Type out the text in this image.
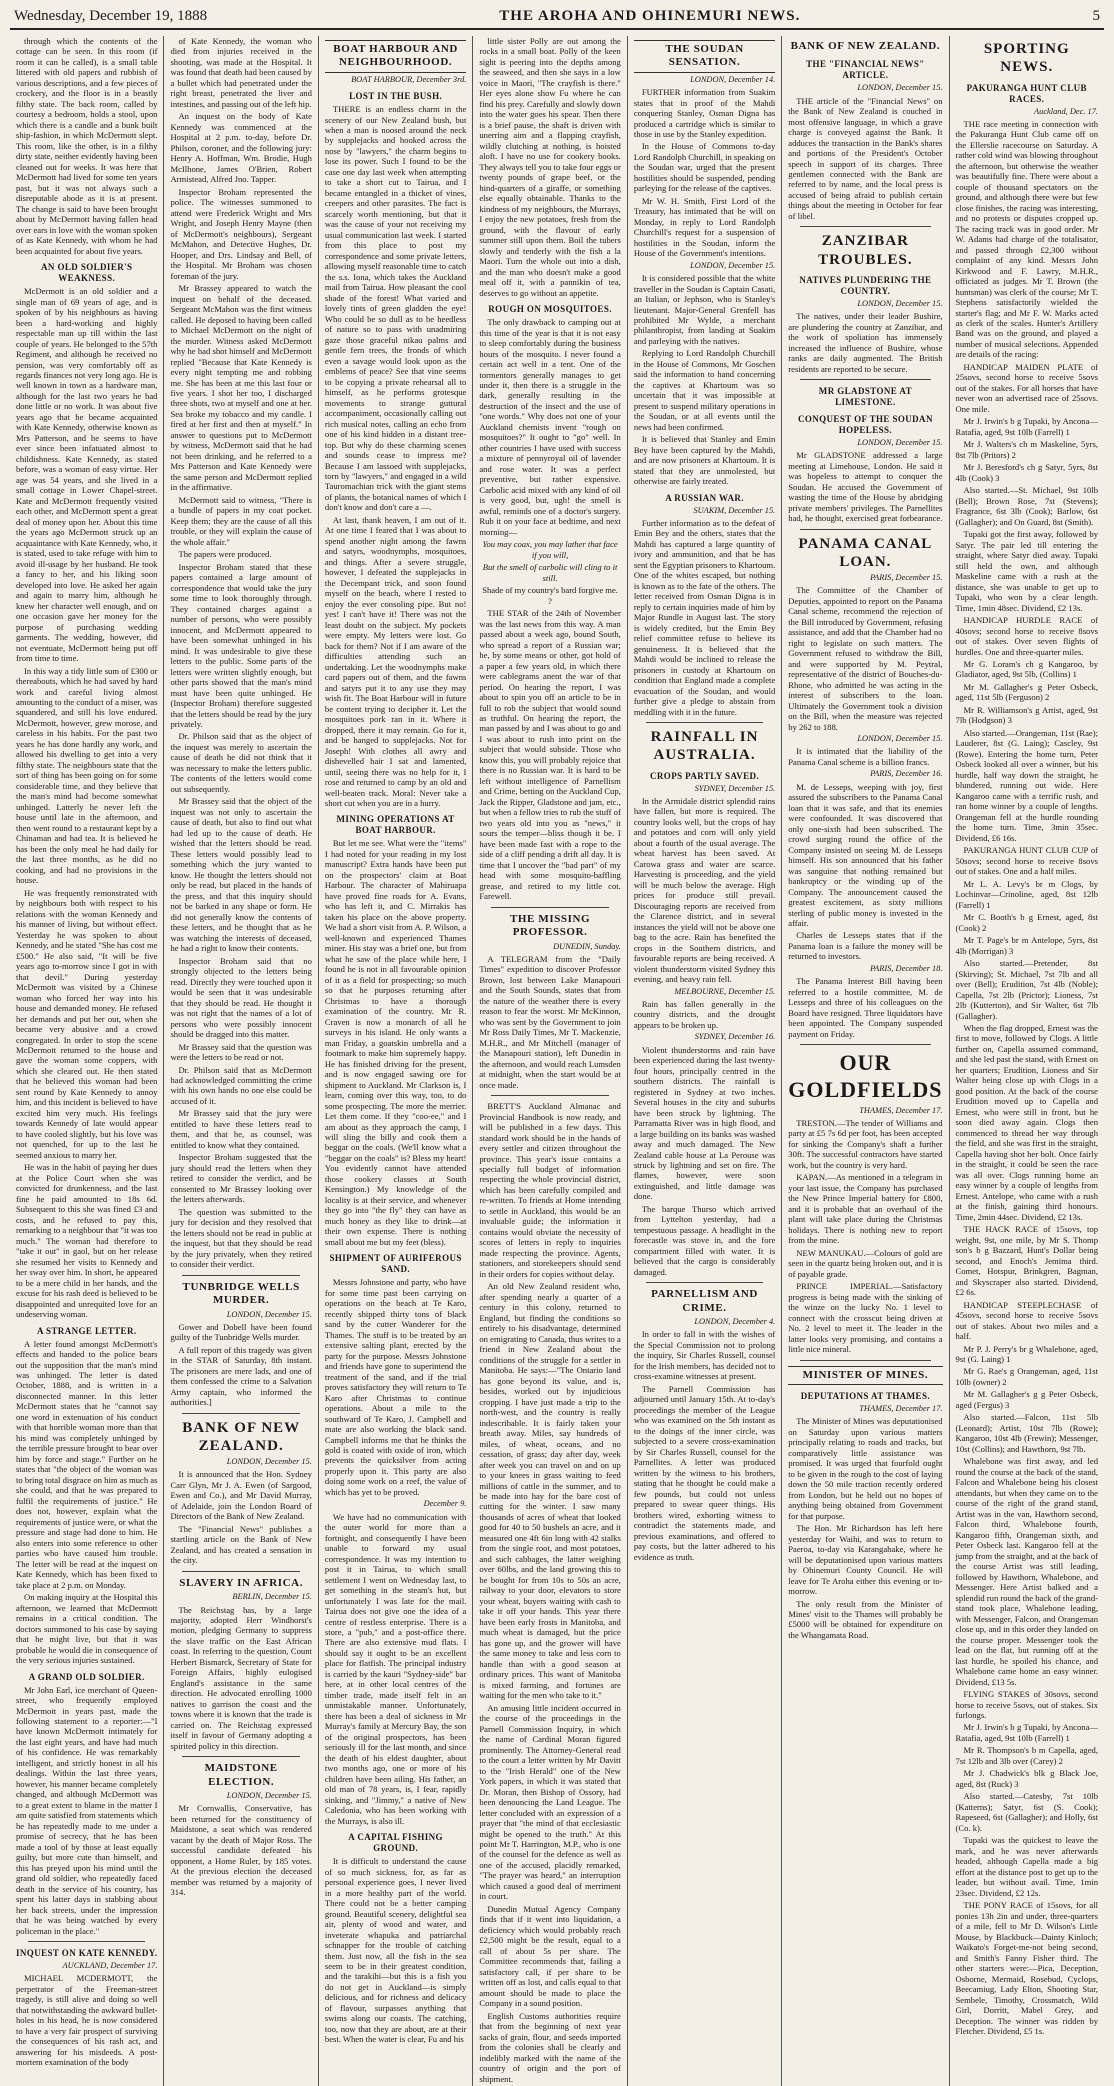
Wednesday, December 19, 1888	THE AROHA AND OHINEMURI NEWS.	5

through which the contents of the cottage can be seen. In this room (if room it can be called), is a small table littered with old papers and rubbish of various descriptions, and a few pieces of crockery, and the floor is in a beastly filthy state. The back room, called by courtesy a bedroom, holds a stool, upon which there is a candle and a bunk built ship-fashion, in which McDermott slept. This room, like the other, is in a filthy dirty state, neither evidently having been cleaned out for weeks. It was here that McDermott had lived for some ten years past, but it was not always such a disreputable abode as it is at present. The change is said to have been brought about by McDermott having fallen head over ears in love with the woman spoken of as Kate Kennedy, with whom he had been acquainted for about five years.

AN OLD SOLDIER'S WEAKNESS.

McDermott is an old soldier and a single man of 69 years of age, and is spoken of by his neighbours as having been a hard-working and highly respectable man up till within the last couple of years. He belonged to the 57th Regiment, and although he received no pension, was very comfortably off as regards finances not very long ago. He is well known in town as a hardware man, although for the last two years he had done little or no work. It was about five years ago that he became acquainted with Kate Kennedy, otherwise known as Mrs Patterson, and he seems to have ever since been infatuated almost to childishness. Kate Kennedy, as stated before, was a woman of easy virtue. Her age was 54 years, and she lived in a small cottage in Lower Chapel-street. Kate and McDermott frequently visited each other, and McDermott spent a great deal of money upon her. About this time the years ago McDermott struck up an acquaintance with Kate Kennedy, who, it is stated, used to take refuge with him to avoid ill-usage by her husband. He took a fancy to her, and his liking soon developed into love. He asked her again and again to marry him, although he knew her character well enough, and on one occasion gave her money for the purpose of purchasing wedding garments. The wedding, however, did not eventuate, McDermott being put off from time to time.

In this way a tidy little sum of £300 or thereabouts, which he had saved by hard work and careful living almost amounting to the conduct of a miser, was squandered, and still his love endured. McDermott, however, grew morose, and careless in his habits. For the past two years he has done hardly any work, and allowed his dwelling to get into a very filthy state. The neighbours state that the sort of thing has been going on for some considerable time, and they believe that the man's mind had become somewhat unhinged. Latterly he never left the house until late in the afternoon, and then went round to a restaurant kept by a Chinaman and had tea. It is believed he has been the only meal he had daily for the last three months, as he did no cooking, and had no provisions in the house.

He was frequently remonstrated with by neighbours both with respect to his relations with the woman Kennedy and his manner of living, but without effect. Yesterday he was spoken to about Kennedy, and he stated "She has cost me £500." He also said, "It will be five years ago to-morrow since I got in with that devil." During yesterday McDermott was visited by a Chinese woman who forced her way into his house and demanded money. He refused her demands and put her out, when she became very abusive and a crowd congregated. In order to stop the scene McDermott returned to the house and gave the woman some coppers, with which she cleared out. He then stated that he believed this woman had been sent round by Kate Kennedy to annoy him, and this incident is believed to have excited him very much. His feelings towards Kennedy of late would appear to have cooled slightly, but his love was not quenched, for up to the last he seemed anxious to marry her.

He was in the habit of paying her dues at the Police Court when she was convicted for drunkenness, and the last fine he paid amounted to 18s 6d. Subsequent to this she was fined £3 and costs, and he refused to pay this, remarking to a neighbour that "it was too much." The woman had therefore to "take it out" in gaol, but on her release she resumed her visits to Kennedy and her sway over him. In short, he appeared to be a mere child in her hands, and the excuse for his rash deed is believed to be disappointed and unrequited love for an undeserving woman.

A STRANGE LETTER.

A letter found amongst McDermott's effects and handed to the police bears out the supposition that the man's mind was unhinged. The letter is dated October, 1888, and is written in a disconnected manner. In this letter McDermott states that he "cannot say one word in extenuation of his conduct with that horrible woman more than that his mind was completely unhinged by the terrible pressure brought to bear over him by force and stage." Further on he states that "the object of the woman was to bring total disgrace on him as much as she could, and that he was prepared to fulfil the requirements of justice." He does not, however, explain what the requirements of justice were, or what the pressure and stage had done to him. He also enters into some reference to other parties who have caused him trouble. The letter will be read at the inquest on Kate Kennedy, which has been fixed to take place at 2 p.m. on Monday.

On making inquiry at the Hospital this afternoon, we learned that McDermott remains in a critical condition. The doctors summoned to his case by saying that he might live, but that it was probable he would die in consequence of the very serious injuries sustained.

A GRAND OLD SOLDIER.

Mr John Earl, ice merchant of Queen-street, who frequently employed McDermott in years past, made the following statement to a reporter:—"I have known McDermott intimately for the last eight years, and have had much of his confidence. He was remarkably intelligent, and strictly honest in all his dealings. Within the last three years, however, his manner became completely changed, and although McDermott was to a great extent to blame in the matter I am quite satisfied from statements which he has repeatedly made to me under a promise of secrecy, that he has been made a tool of by those at least equally guilty, but more cute than himself, and this has preyed upon his mind until the grand old soldier, who repeatedly faced death in the service of his country, has spent his latter days in stabbing about her back streets, under the impression that he was being watched by every policeman in the place."

INQUEST ON KATE KENNEDY.
AUCKLAND, December 17.

MICHAEL MCDERMOTT, the perpetrator of the Freeman-street tragedy, is still alive and doing so well that notwithstanding the awkward bullet-holes in his head, he is now considered to have a very fair prospect of surviving the consequences of his rash act, and answering for his misdeeds. A post-mortem examination of the body

of Kate Kennedy, the woman who died from injuries received in the shooting, was made at the Hospital. It was found that death had been caused by a bullet which had penetrated under the right breast, penetrated the liver and intestines, and passing out of the left hip.

An inquest on the body of Kate Kennedy was commenced at the Hospital at 2 p.m. to-day, before Dr. Philson, coroner, and the following jury: Henry A. Hoffman, Wm. Brodie, Hugh McIlhone, James O'Brien, Robert Armistead, Alfred Jno. Tapper.

Inspector Broham represented the police. The witnesses summoned to attend were Frederick Wright and Mrs Wright, and Joseph Henry Mayne (then of McDermott's neighbours), Sergeant McMahon, and Detective Hughes, Dr. Hooper, and Drs. Lindsay and Bell, of the Hospital. Mr Broham was chosen foreman of the jury.

Mr Brassey appeared to watch the inquest on behalf of the deceased. Sergeant McMahon was the first witness called. He deposed to having been called to Michael McDermott on the night of the murder. Witness asked McDermott why he had shot himself and McDermott replied "Because that Kate Kennedy is every night tempting me and robbing me. She has been at me this last four or five years. I shot her too, I discharged three shots, two at myself and one at her. Sea broke my tobacco and my candle. I fired at her first and then at myself." In answer to questions put to McDermott by witness, McDermott said that he had not been drinking, and he referred to a Mrs Patterson and Kate Kennedy were the same person and McDermott replied in the affirmative.

McDermott said to witness, "There is a bundle of papers in my coat pocket. Keep them; they are the cause of all this trouble, or they will explain the cause of the whole affair."

The papers were produced.

Inspector Broham stated that these papers contained a large amount of correspondence that would take the jury some time to look thoroughly through. They contained charges against a number of persons, who were possibly innocent, and McDermott appeared to have been somewhat unhinged in his mind. It was undesirable to give these letters to the public. Some parts of the letters were written slightly enough, but other parts showed that the man's mind must have been quite unhinged. He (Inspector Broham) therefore suggested that the letters should be read by the jury privately.

Dr. Philson said that as the object of the inquest was merely to ascertain the cause of death he did not think that it was necessary to make the letters public. The contents of the letters would come out subsequently.

Mr Brassey said that the object of the inquest was not only to ascertain the cause of death, but also to find out what had led up to the cause of death. He wished that the letters should be read. These letters would possibly lead to something which the jury wanted to know. He thought the letters should not only be read, but placed in the hands of the press, and that this inquiry should not be barked in any shape or form. He did not generally know the contents of these letters, and he thought that as he was watching the interests of deceased, he had a right to know their contents.

Inspector Broham said that no strongly objected to the letters being read. Directly they were touched upon it would be seen that it was undesirable that they should be read. He thought it was not right that the names of a lot of persons who were possibly innocent should be dragged into this matter.

Mr Brassey said that the question was were the letters to be read or not.

Dr. Philson said that as McDermott had acknowledged committing the crime with his own hands no one else could be accused of it.

Mr Brassey said that the jury were entitled to have these letters read to them, and that he, as counsel, was entitled to know what they contained.

Inspector Broham suggested that the jury should read the letters when they retired to consider the verdict, and he consented to Mr Brassey looking over the letters afterwards.

The question was submitted to the jury for decision and they resolved that the letters should not be read in public at the inquest, but that they should be read by the jury privately, when they retired to consider their verdict.

TUNBRIDGE WELLS MURDER.
LONDON, December 15.

Gower and Dobell have been found guilty of the Tunbridge Wells murder.

A full report of this tragedy was given in the STAR of Saturday, 8th instant. The prisoners are mere lads, and one of them confessed the crime to a Salvation Army captain, who informed the authorities.]

BANK OF NEW ZEALAND.
LONDON, December 15.

It is announced that the Hon. Sydney Carr Glyn, Mr J. A. Ewen (of Sargood, Ewen and Co.), and Mr David Murray, of Adelaide, join the London Board of Directors of the Bank of New Zealand.

The "Financial News" publishes a startling article on the Bank of New Zealand, and has created a sensation in the city.

SLAVERY IN AFRICA.
BERLIN, December 15.

The Reichstag has, by a large majority, adopted Herr Windhorst's motion, pledging Germany to suppress the slave traffic on the East African coast. In referring to the question, Count Herbert Bismarck, Secretary of State for Foreign Affairs, highly eulogised England's assistance in the same direction. He advocated enrolling 1000 natives to garrison the coast and the towns where it is known that the trade is carried on. The Reichstag expressed itself in favour of Germany adopting a spirited policy in this direction.

MAIDSTONE ELECTION.
LONDON, December 15.

Mr Cornwallis, Conservative, has been returned for the constituency of Maidstone, a seat which was rendered vacant by the death of Major Ross. The successful candidate defeated his opponent, a Home Ruler, by 185 votes. At the previous election the deceased member was returned by a majority of 314.

BOAT HARBOUR AND NEIGHBOURHOOD.
BOAT HARBOUR, December 3rd.
LOST IN THE BUSH.

THERE is an endless charm in the scenery of our New Zealand bush, but when a man is noosed around the neck by supplejacks and hooked across the nose by "lawyers," the charm begins to lose its power. Such I found to be the case one day last week when attempting to take a short cut to Tairua, and I became entangled in a thicket of vines, creepers and other parasites. The fact is scarcely worth mentioning, but that it was the cause of your not receiving my usual communication last week. I started from this place to post my correspondence and some private letters, allowing myself reasonable time to catch the s.s. Iona, which takes the Auckland mail from Tairua. How pleasant the cool shade of the forest! What varied and lovely tints of green gladden the eye! Who could be so dull as to be heedless of nature so to pass with unadmiring gaze those graceful nikau palms and gentle fern trees, the fronds of which even a savage would look upon as the emblems of peace? See that vine seems to be copying a private rehearsal all to himself, as he performs grotesque movements to strange guttural accompaniment, occasionally calling out rich musical notes, calling an echo from one of his kind hidden in a distant tree-top. But why do these charming scenes and sounds cease to impress me? Because I am lassoed with supplejacks, torn by "lawyers," and engaged in a wild Tauromachian trick with the giant stems of plants, the botanical names of which I don't know and don't care a —.

At last, thank heaven, I am out of it. At one time I feared that I was about to spend another night among the fawns and satyrs, woodnymphs, mosquitoes, and things. After a severe struggle, however, I defeated the supplejacks in the Decempant trick, and soon found myself on the beach, where I rested to enjoy the ever consoling pipe. But no! yes! I can't have it! There was not the least doubt on the subject. My pockets were empty. My letters were lost. Go back for them? Not if I am aware of the difficulties attending such an undertaking. Let the woodnymphs make card papers out of them, and the fawns and satyrs put it to any use they may wish fit. The Boat Harbour will in future be content trying to decipher it. Let the mosquitoes pork ran in it. Where it dropped, there it may remain. Go for it, and be hanged to supplejacks. Not for Joseph! With clothes all awry and dishevelled hair I sat and lamented, until, seeing there was no help for it, I rose and returned to camp by an old and well-beaten track. Moral: Never take a short cut when you are in a hurry.

MINING OPERATIONS AT BOAT HARBOUR.

But let me see. What were the "items" I had noted for your reading in my lost manuscript? Extra hands have been put on the prospectors' claim at Boat Harbour. The character of Mahiruapa have proved fine roads for A. Evans, who has left it, and C. Mirrakis has taken his place on the above property. We had a short visit from A. P. Wilson, a well-known and experienced Thames miner. His stay was a brief one, but from what he saw of the place while here, I found he is not in all favourable opinion of it as a field for prospecting; so much so that he purposes returning after Christmas to have a thorough examination of the country. Mr R. Craven is now a monarch of all he surveys in his island. He only wants a man Friday, a goatskin umbrella and a footmark to make him supremely happy. He has finished driving for the present, and is now engaged sawing ore for shipment to Auckland. Mr Clarkson is, I learn, coming over this way, too, to do some prospecting. The more the merrier. Let them come. If they "coo-ee," and I am about as they approach the camp, I will sling the billy and cook them a beggar on the coals. (We'll know what a "beggar on the coals" is? Bless my heart! You evidently cannot have attended those cookery classes at South Kensington.) My knowledge of the locality is at their service, and whenever they go into "the fly" they can have as much honey as they like to drink—at their own expense. There is nothing small about me but my feet (bless).

SHIPMENT OF AURIFEROUS SAND.

Messrs Johnstone and party, who have for some time past been carrying on operations on the beach at Te Karo, recently shipped thirty tons of black sand by the cutter Wanderer for the Thames. The stuff is to be treated by an extensive salting plant, erected by the party for the purpose. Messrs Johnstone and friends have gone to superintend the treatment of the sand, and if the trial proves satisfactory they will return to Te Karo after Christmas to continue operations. About a mile to the southward of Te Karo, J. Campbell and mate are also working the black sand. Campbell informs me that he thinks the gold is coated with oxide of iron, which prevents the quicksilver from acting properly upon it. This party are also doing some work on a reef, the value of which has yet to be proved.

December 9.

We have had no communication with the outer world for more than a fortnight, and consequently I have been unable to forward my usual correspondence. It was my intention to post it in Tairua, to which small settlement I went on Wednesday last, to get something in the steam's hut, but unfortunately I was late for the mail. Tairua does not give one the idea of a centre of restless enterprise. There is a store, a "pub," and a post-office there. There are also extensive mud flats. I should say it ought to be an excellent place for flatfish. The principal industry is carried by the kauri "Sydney-side" bar here, at in other local centres of the timber trade, made itself felt in an unmistakable manner. Unfortunately, there has been a deal of sickness in Mr Murray's family at Mercury Bay, the son of the original prospectors, has been seriously ill for the last month, and since the death of his eldest daughter, about two months ago, one or more of his children have been ailing. His father, an old man of 78 years, is, I fear, rapidly sinking, and "Jimmy," a native of New Caledonia, who has been working with the Murrays, is also ill.

A CAPITAL FISHING GROUND.

It is difficult to understand the cause of so much sickness, for, as far as personal experience goes, I never lived in a more healthy part of the world. There could not be a better camping ground. Beautiful scenery, delightful sea air, plenty of wood and water, and inveterate whapuka and patriarchal schnapper for the trouble of catching them. Just now, all the fish in the sea seem to be in their greatest condition, and the tarakihi—but this is a fish you do not get in Auckland—is simply delicious, and for richness and delicacy of flavour, surpasses anything that swims along our coasts. The catching, too, now that they are about, are at their best. When the water is clear, Fu and his

little sister Polly are out among the rocks in a small boat. Polly of the keen sight is peering into the depths among the seaweed, and then she says in a low voice in Maori, "The crayfish is there." Her eyes alone show Fu where he can find his prey. Carefully and slowly down into the water goes his spear. Then there is a brief pause, the shaft is driven with unerring aim and a flapping crayfish, wildly clutching at nothing, is hoisted aloft. I have no use for cookery books. They always tell you to take four eggs or twenty pounds of grape beef, or the hind-quarters of a giraffe, or something else equally obtainable. Thanks to the kindness of my neighbours, the Murrays, I enjoy the new potatoes, fresh from the ground, with the flavour of early summer still upon them. Boil the tubers slowly and tenderly with the fish a la Maori. Turn the whole out into a dish, and the man who doesn't make a good meal off it, with a pannikin of tea, deserves to go without an appetite.

ROUGH ON MOSQUITOES.

The only drawback to camping out at this time of the year is that it is not easy to sleep comfortably during the business hours of the mosquito. I never found a certain act well in a tent. One of the tormentors generally manages to get under it, then there is a struggle in the dark, generally resulting in the destruction of the insect and the use of "one words." Why does not one of your Auckland chemists invent "rough on mosquitoes?" It ought to "go" well. In other countries I have used with success a mixture of pennyroyal oil of lavender and rose water. It was a perfect preventive, but rather expensive. Carbolic acid mixed with any kind of oil is very good, but, ugh! the smell is awful, reminds one of a doctor's surgery. Rub it on your face at bedtime, and next morning—

You may coax, you may lather that face if you will,

But the smell of carbolic will cling to it still.

Shade of my country's bard forgive me. ?

THE STAR of the 24th of November was the last news from this way. A man passed about a week ago, bound South, who spread a report of a Russian war; he, by some means or other, got hold of a paper a few years old, in which there were cablegrams anent the war of that period. On hearing the report, I was about to spin you off an article to be in full to rob the subject that would sound as truthful. On hearing the report, the man passed by and I was about to go and I was about to rush into print on the subject that would subside. Those who know this, you will probably rejoice that there is no Russian war. It is hard to be left without intelligence of Parnellism and Crime, betting on the Auckland Cup, Jack the Ripper, Gladstone and jam, etc., but when a fellow tries to rub the stuff of two years old into you as "news," it sours the temper—bliss though it be. I have been made fast with a rope to the side of a cliff pending a drift all day. It is time that I uncover the "bad part" of my head with some mosquito-baffling grease, and retired to my little cot. Farewell.

THE MISSING PROFESSOR.
DUNEDIN, Sunday.

A TELEGRAM from the "Daily Times" expedition to discover Professor Brown, lost between Lake Manapouri and the South Sounds, states that from the nature of the weather there is every reason to fear the worst. Mr McKinnon, who was sent by the Government to join Mr Ross Daily Times, Mr T. Mackenzie, M.H.R., and Mr Mitchell (manager of the Manapouri station), left Dunedin in the afternoon, and would reach Lumsden at midnight, when the start would be at once made.

BRETT'S Auckland Almanac and Provincial Handbook is now ready, and will be published in a few days. This standard work should be in the hands of every settler and citizen throughout the province. This year's issue contains a specially full budget of information respecting the whole provincial district, which has been carefully compiled and re-written. To friends at Home intending to settle in Auckland, this would be an invaluable guide; the information it contains would obviate the necessity of scores of letters in reply to inquiries made respecting the province. Agents, stationers, and storekeepers should send in their orders for copies without delay.

An old New Zealand resident who, after spending nearly a quarter of a century in this colony, returned to England, but finding the conditions so entirely to his disadvantage, determined on emigrating to Canada, thus writes to a friend in New Zealand about the conditions of the struggle for a settler in Manitoba. He says:—"The Ontario land has gone beyond its value, and is, besides, worked out by injudicious cropping. I have just made a trip to the north-west, and the country is really indescribable. It is fairly taken your breath away. Miles, say hundreds of miles, of wheat, oceans, and no cessation, of grass; day after day, week after week you can travel on and on up to your knees in grass waiting to feed millions of cattle in the summer, and to be made into hay for the bare cost of cutting for the winter. I saw many thousands of acres of wheat that looked good for 40 to 50 bushels an acre, and it measured one 4ft 6in long with 42 stalks from the single root, and most potatoes, and such cabbages, the latter weighing over 60lbs, and the land growing this to be bought for from 10s to 50s an acre, railway to your door, elevators to store your wheat, buyers waiting with cash to take it off your hands. This year there have been early frosts in Manitoba, and much wheat is damaged, but the price has gone up, and the grower will have the same money to take and less corn to handle than with a good season at ordinary prices. This want of Manitoba is mixed farming, and fortunes are waiting for the men who take to it."

An amusing little incident occurred in the course of the proceedings in the Parnell Commission Inquiry, in which the name of Cardinal Moran figured prominently. The Attorney-General read to the court a letter written by Mr Davitt to the "Irish Herald" one of the New York papers, in which it was stated that Dr. Moran, then Bishop of Ossory, had been denouncing the Land League. The letter concluded with an expression of a prayer that "the mind of that ecclesiastic might be opened to the truth." At this point Mr T. Harrington, M.P., who is one of the counsel for the defence as well as one of the accused, placidly remarked, "The prayer was heard," an interruption which caused a good deal of merriment in court.

Dunedin Mutual Agency Company finds that if it went into liquidation, a deficiency which would probably reach £2,500 might be the result, equal to a call of about 5s per share. The Committee recommends that, failing a satisfactory call, if per share to be written off as lost, and calls equal to that amount should be made to place the Company in a sound position.

English Customs authorities require that from the beginning of next year sacks of grain, flour, and seeds imported from the colonies shall be clearly and indelibly marked with the name of the country of origin and the port of shipment.

THE SOUDAN SENSATION.
LONDON, December 14.

FURTHER information from Suakim states that in proof of the Mahdi conquering Stanley, Osman Digna has produced a cartridge which is similar to those in use by the Stanley expedition.

In the House of Commons to-day Lord Randolph Churchill, in speaking on the Soudan war, urged that the present hostilities should be suspended, pending parleying for the release of the captives.

Mr W. H. Smith, First Lord of the Treasury, has intimated that he will on Monday, in reply to Lord Randolph Churchill's request for a suspension of hostilities in the Soudan, inform the House of the Government's intentions.

LONDON, December 15.

It is considered possible that the white traveller in the Soudan is Captain Casati, an Italian, or Jephson, who is Stanley's lieutenant. Major-General Grenfell has prohibited Mr Wylde, a merchant philanthropist, from landing at Suakim and parleying with the natives.

Replying to Lord Randolph Churchill in the House of Commons, Mr Goschen said the information to hand concerning the captives at Khartoum was so uncertain that it was impossible at present to suspend military operations in the Soudan, or at all events until the news had been confirmed.

It is believed that Stanley and Emin Bey have been captured by the Mahdi, and are now prisoners at Khartoum. It is stated that they are unmolested, but otherwise are fairly treated.

A RUSSIAN WAR.
SUAKIM, December 15.

Further information as to the defeat of Emin Bey and the others, states that the Mahdi has captured a large quantity of ivory and ammunition, and that he has sent the Egyptian prisoners to Khartoum. One of the whites escaped, but nothing is known as to the fate of the others. The letter received from Osman Digna is in reply to certain inquiries made of him by Major Rundle in August last. The story is widely credited, but the Emin Bey relief committee refuse to believe its genuineness. It is believed that the Mahdi would be inclined to release the prisoners in custody at Khartoum on condition that England made a complete evacuation of the Soudan, and would further give a pledge to abstain from meddling with it in the future.

RAINFALL IN AUSTRALIA.
CROPS PARTLY SAVED.
SYDNEY, December 15.

In the Armidale district splendid rains have fallen, but more is required. The country looks well, but the crops of hay and potatoes and corn will only yield about a fourth of the usual average. The wheat harvest has been saved. At Carowa grass and water are scarce. Harvesting is proceeding, and the yield will be much below the average. High prices for produce still prevail. Discouraging reports are received from the Clarence district, and in several instances the yield will not be above one bag to the acre. Rain has benefited the crops in the Southern districts, and favourable reports are being received. A violent thunderstorm visited Sydney this evening, and heavy rain fell.

MELBOURNE, December 15.

Rain has fallen generally in the country districts, and the drought appears to be broken up.

SYDNEY, December 16.

Violent thunderstorms and rain have been experienced during the last twenty-four hours, principally centred in the southern districts. The rainfall is registered in Sydney at two inches. Several houses in the city and suburbs have been struck by lightning. The Parramatta River was in high flood, and a large building on its banks was washed away and much damaged. The New Zealand cable house at La Perouse was struck by lightning and set on fire. The flames, however, were soon extinguished, and little damage was done.

The barque Thurso which arrived from Lyttelton yesterday, had a tempestuous passage. A headlight in the forecastle was stove in, and the fore compartment filled with water. It is believed that the cargo is considerably damaged.

PARNELLISM AND CRIME.
LONDON, December 4.

In order to fall in with the wishes of the Special Commission not to prolong the inquiry, Sir Charles Russell, counsel for the Irish members, has decided not to cross-examine witnesses at present.

The Parnell Commission has adjourned until January 15th. At to-day's proceedings the member of the League who was examined on the 5th instant as to the doings of the inner circle, was subjected to a severe cross-examination by Sir Charles Russell, counsel for the Parnellites. A letter was produced written by the witness to his brothers, stating that he thought he could make a few pounds, but could not unless prepared to swear queer things. His brothers wired, exhorting witness to contradict the statements made, and previous examinations, and offered to pay costs, but the latter adhered to his evidence as truth.

BANK OF NEW ZEALAND.
THE "FINANCIAL NEWS" ARTICLE.
LONDON, December 15.

THE article of the "Financial News" on the Bank of New Zealand is couched in most offensive language, in which a grave charge is conveyed against the Bank. It adduces the transaction in the Bank's shares and portions of the President's October speech in support of its charges. Three gentlemen connected with the Bank are referred to by name, and the local press is accused of being afraid to publish certain things about the meeting in October for fear of libel.

ZANZIBAR TROUBLES.
NATIVES PLUNDERING THE COUNTRY.
LONDON, December 15.

The natives, under their leader Bushire, are plundering the country at Zanzibar, and the work of spoliation has immensely increased the influence of Bushire, whose ranks are daily augmented. The British residents are reported to be secure.

MR GLADSTONE AT LIMESTONE.
CONQUEST OF THE SOUDAN HOPELESS.
LONDON, December 15.

Mr GLADSTONE addressed a large meeting at Limehouse, London. He said it was hopeless to attempt to conquer the Soudan. He accused the Government of wasting the time of the House by abridging private members' privileges. The Parnellites had, he thought, exercised great forbearance.

PANAMA CANAL LOAN.
PARIS, December 15.

The Committee of the Chamber of Deputies, appointed to report on the Panama Canal scheme, recommend the rejection of the Bill introduced by Government, refusing assistance, and add that the Chamber had no right to legislate on such matters. The Government refused to withdraw the Bill, and were supported by M. Peytral, representative of the district of Bouches-du-Rhone, who admitted he was acting in the interest of subscribers to the loan. Ultimately the Government took a division on the Bill, when the measure was rejected by 262 to 188.

LONDON, December 15.

It is intimated that the liability of the Panama Canal scheme is a billion francs.

PARIS, December 16.

M. de Lesseps, weeping with joy, first assured the subscribers to the Panama Canal loan that it was safe, and that its enemies were confounded. It was discovered that only one-sixth had been subscribed. The crowd surging round the office of the Company insisted on seeing M. de Lesseps himself. His son announced that his father was sanguine that nothing remained but bankruptcy or the winding up of the Company. The announcement caused the greatest excitement, as sixty millions sterling of public money is invested in the affair.

Charles de Lesseps states that if the Panama loan is a failure the money will be returned to investors.

PARIS, December 18.

The Panama Interest Bill having been referred to a hostile committee, M. de Lesseps and three of his colleagues on the Board have resigned. Three liquidators have been appointed. The Company suspended payment on Friday.

OUR GOLDFIELDS
THAMES, December 17.

TRESTON.—The tender of Williams and party at £5 7s 6d per foot, has been accepted for sinking the Company's shaft a further 30ft. The successful contractors have started work, but the country is very hard.

KAPAN.—As mentioned in a telegram in your last issue, the Company has purchased the New Prince Imperial battery for £800, and it is probable that an overhaul of the plant will take place during the Christmas holidays. There is nothing new to report from the mine.

NEW MANUKAU.—Colours of gold are seen in the quartz being broken out, and it is of payable grade.

PRINCE IMPERIAL.—Satisfactory progress is being made with the sinking of the winze on the lucky No. 1 level to connect with the crosscut being driven at No. 2 level to meet it. The leader in the latter looks very promising, and contains a little nice mineral.

MINISTER OF MINES.
DEPUTATIONS AT THAMES.
THAMES, December 17.

The Minister of Mines was deputationised on Saturday upon various matters principally relating to roads and tracks, but comparatively little assistance was promised. It was urged that fourfold ought to be given in the rough to the cost of laying down the 50 mile traction recently ordered from London, but he held out no hopes of anything being obtained from Government for that purpose.

The Hon. Mr Richardson has left here yesterday for Waihi, and was to return to Paeroa, to-day via Karangahake, where he will be deputationised upon various matters by Ohinemuri County Council. He will leave for Te Aroha either this evening or to-morrow.

The only result from the Minister of Mines' visit to the Thames will probably be £5000 will be obtained for expenditure on the Whangamata Road.

SPORTING NEWS.
PAKURANGA HUNT CLUB RACES.
Auckland, Dec. 17.

THE race meeting in connection with the Pakuranga Hunt Club came off on the Ellerslie racecourse on Saturday. A rather cold wind was blowing throughout the afternoon, but otherwise the weather was beautifully fine. There were about a couple of thousand spectators on the ground, and although there were but few close finishes, the racing was interesting, and no protests or disputes cropped up. The racing track was in good order. Mr W. Adams had charge of the totalisator, and passed through £2,300 without complaint of any kind. Messrs John Kirkwood and F. Lawry, M.H.R., officiated as judges. Mr T. Brown (the huntsman) was clerk of the course; Mr T. Stephens satisfactorily wielded the starter's flag; and Mr F. W. Marks acted as clerk of the scales. Hunter's Artillery Band was on the ground, and played a number of musical selections. Appended are details of the racing:

HANDICAP MAIDEN PLATE of 25sovs, second horse to receive 5sovs out of the stakes. For all horses that have never won an advertised race of 25sovs. One mile.

Mr J. Irwin's b g Tupaki, by Ancona—Ratafia, aged, 9st 10lb (Farrell) 1

Mr J. Walters's ch m Maskeline, 5yrs, 8st 7lb (Pritors) 2

Mr J. Beresford's ch g Satyr, 5yrs, 8st 4lb (Cook) 3

Also started.—St. Michael, 9st 10lb (Bell); Brown Rose, 7st (Stevens); Fragrance, 6st 3lb (Cook); Barlow, 6st (Gallagher); and On Guard, 8st (Smith).

Tupaki got the first away, followed by Satyr. The pair led till entering the straight, where Satyr died away. Tupaki still held the own, and although Maskeline came with a rush at the distance, she was unable to get up to Tupaki, who won by a clear length. Time, 1min 48sec. Dividend, £2 13s.

HANDICAP HURDLE RACE of 40sovs; second horse to receive 8sovs out of stakes. Over seven flights of hurdles. One and three-quarter miles.

Mr G. Loram's ch g Kangaroo, by Gladiator, aged, 9st 5lb, (Collins) 1

Mr M. Gallagher's g Peter Osbeck, aged, 11st 5lb (Ferguson) 2

Mr R. Williamson's g Artist, aged, 9st 7lb (Hodgson) 3

Also started.—Orangeman, 11st (Rae); Lauderer, 8st (G. Laing); Cascley, 9st (Rowe). Entering the home turn, Peter Osbeck looked all over a winner, but his hurdle, half way down the straight, he blundered, running out wide. Here Kangaroo came with a terrific rush, and ran home winner by a couple of lengths. Orangeman fell at the hurdle rounding the home turn. Time, 3min 35sec. Dividend, £6 16s.

PAKURANGA HUNT CLUB CUP of 50sovs; second horse to receive 8sovs out of stakes. One and a half miles.

Mr L. A. Levy's br m Clogs, by Lochinvar—Crinoline, aged, 8st 12lb (Farrell) 1

Mr C. Booth's b g Ernest, aged, 8st (Cook) 2

Mr T. Page's br m Antelope, 5yrs, 8st 4lb (Morrigan) 3

Also started.—Pretender, 8st (Skirving); St. Michael, 7st 7lb and all over (Bell); Erudition, 7st 4lb (Noble); Capella, 7st 2lb (Prictor); Lioness, 7st 2lb (Kutterton), and Sir Walter, 6st 7lb (Gallagher).

When the flag dropped, Ernest was the first to move, followed by Clogs. A little further on, Capella assumed command, and she led past the stand, with Ernest on her quarters; Erudition, Lioness and Sir Walter being close up with Clogs in a good position. At the back of the course Erudition moved up to Capella and Ernest, who were still in front, but he soon died away again. Clogs then commenced to thread her way through the field, and she was first in the straight, Capella having shot her bolt. Once fairly in the straight, it could be seen the race was all over. Clogs running home an easy winner by a couple of lengths from Ernest. Antelope, who came with a rush at the finish, gaining third honours. Time, 2min 44sec. Dividend, £2 13s.

THE HACK RACE of 15sovs, top weight, 9st, one mile, by Mr S. Thomp son's b g Bazzard, Hunt's Dollar being second, and Enoch's Jemima third. Comet, Hotspur, Brinkgren, Bagman, and Skyscraper also started. Dividend, £2 6s.

HANDICAP STEEPLECHASE of 45sovs, second horse to receive 5sovs out of stakes. About two miles and a half.

Mr P. J. Perry's br g Whalebone, aged, 9st (G. Laing) 1

Mr G. Rae's g Orangeman, aged, 11st 10lb (owner) 2

Mr M. Gallagher's g g Peter Osbeck, aged (Fergus) 3

Also started.—Falcon, 11st 5lb (Leonard); Artist, 10st 7lb (Rowe); Kangaroo, 10st 4lb (Frewin); Messenger, 10st (Collins); and Hawthorn, 9st 7lb.

Whalebone was first away, and led round the course at the back of the stand, Falcon and Whalebone being his closest attendants, but when they came on to the course of the right of the grand stand, Artist was in the van, Hawthorn second, Falcon third, Whalebone fourth, Kangaroo fifth, Orangeman sixth, and Peter Osbeck last. Kangaroo fell at the jump from the straight, and at the back of the course Artist was still leading, followed by Hawthorn, Whalebone, and Messenger. Here Artist balked and a splendid run round the back of the grand-stand took place, Whalebone leading, with Messenger, Falcon, and Orangeman close up, and in this order they landed on the course proper. Messenger took the lead on the flat, but running off at the last hurdle, he spoiled his chance, and Whalebone came home an easy winner. Dividend, £13 5s.

FLYING STAKES of 30sovs, second horse to receive 5sovs, out of stakes. Six furlongs.

Mr J. Irwin's b g Tupaki, by Ancona—Ratafia, aged, 9st 10lb (Farrell) 1

Mr R. Thompson's b m Capella, aged, 7st 12lb and 3lb over (Carey) 2

Mr J. Chadwick's blk g Black Joe, aged, 8st (Ruck) 3

Also started.—Catesby, 7st 10lb (Katterns); Satyr, 6st (S. Cook); Rapeseed, 6st (Gallagher); and Holly, 6st (Co. k).

Tupaki was the quickest to leave the mark, and he was never afterwards headed, although Capella made a big effort at the distance post to get up to the leader, but without avail. Time, 1min 23sec. Dividend, £2 12s.

THE PONY RACE of 15sovs, for all ponies 13h 2in and under, three-quarters of a mile, fell to Mr D. Wilson's Little Mouse, by Blackbuck—Dainty Kinloch; Waikato's Forget-me-not being second, and Smith's Fanny Fisher third. The other starters were:—Pica, Deception, Osborne, Mermaid, Rosebud, Cyclops, Beecamiug, Lady Elton, Shooting Star, Sembele, Timothy, Crossmatch, Wild Girl, Dorritt, Mabel Grey, and Deception. The winner was ridden by Fletcher. Dividend, £5 1s.
